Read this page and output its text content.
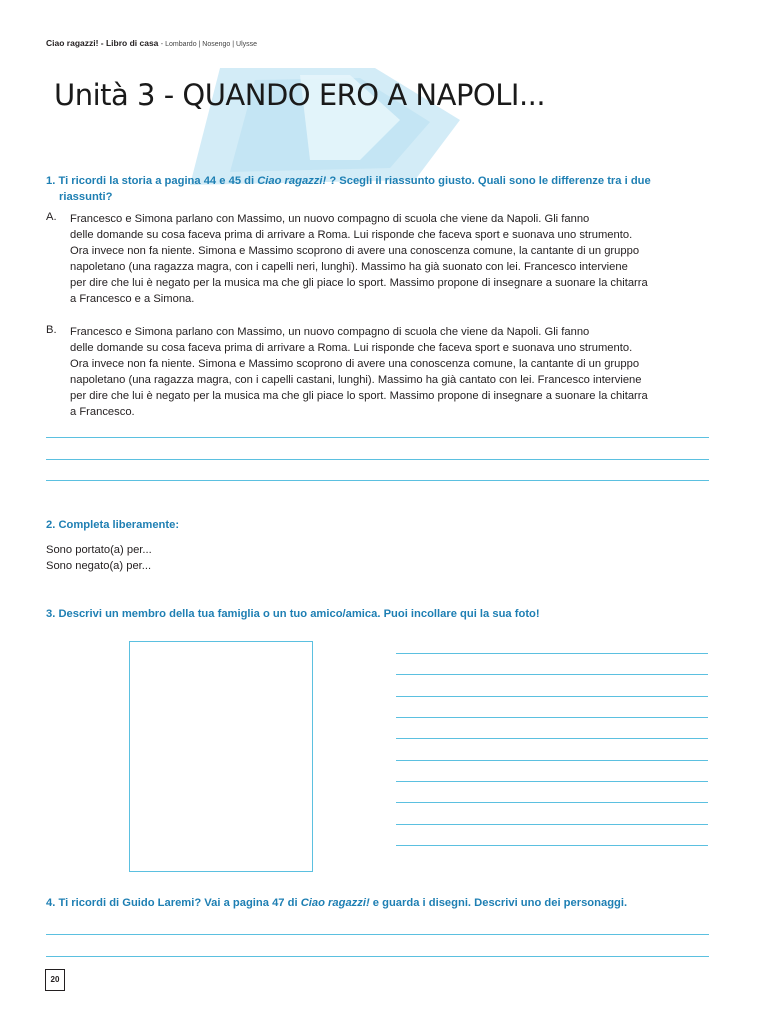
Ciao ragazzi! - Libro di casa - Lombardo | Nosengo | Ulysse
Unità 3 - QUANDO ERO A NAPOLI...
1. Ti ricordi la storia a pagina 44 e 45 di Ciao ragazzi! ? Scegli il riassunto giusto. Quali sono le differenze tra i due
riassunti?
A. Francesco e Simona parlano con Massimo, un nuovo compagno di scuola che viene da Napoli. Gli fanno
delle domande su cosa faceva prima di arrivare a Roma. Lui risponde che faceva sport e suonava uno strumento.
Ora invece non fa niente. Simona e Massimo scoprono di avere una conoscenza comune, la cantante di un gruppo
napoletano (una ragazza magra, con i capelli neri, lunghi). Massimo ha già suonato con lei. Francesco interviene
per dire che lui è negato per la musica ma che gli piace lo sport. Massimo propone di insegnare a suonare la chitarra
a Francesco e a Simona.
B. Francesco e Simona parlano con Massimo, un nuovo compagno di scuola che viene da Napoli. Gli fanno
delle domande su cosa faceva prima di arrivare a Roma. Lui risponde che faceva sport e suonava uno strumento.
Ora invece non fa niente. Simona e Massimo scoprono di avere una conoscenza comune, la cantante di un gruppo
napoletano (una ragazza magra, con i capelli castani, lunghi). Massimo ha già cantato con lei. Francesco interviene
per dire che lui è negato per la musica ma che gli piace lo sport. Massimo propone di insegnare a suonare la chitarra
a Francesco.
2. Completa liberamente:
Sono portato(a) per...
Sono negato(a) per...
3. Descrivi un membro della tua famiglia o un tuo amico/amica. Puoi incollare qui la sua foto!
4. Ti ricordi di Guido Laremi? Vai a pagina 47 di Ciao ragazzi! e guarda i disegni. Descrivi uno dei personaggi.
20
